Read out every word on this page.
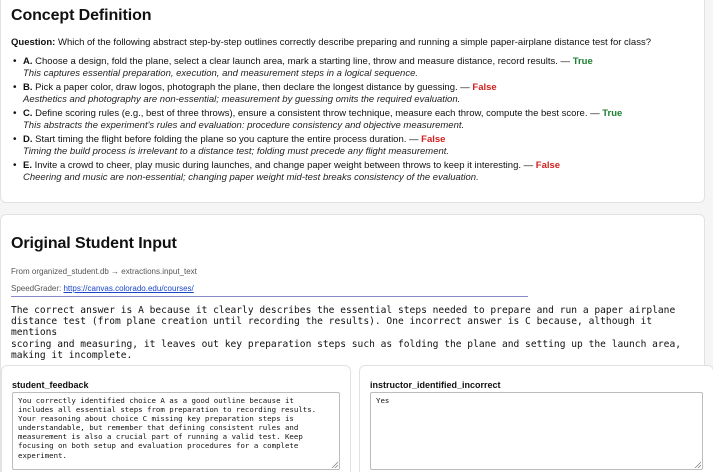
Concept Definition

Question: Which of the following abstract step-by-step outlines correctly describe preparing and running a simple paper-airplane distance test for class?

• A. Choose a design, fold the plane, select a clear launch area, mark a starting line, throw and measure distance, record results. — True
This captures essential preparation, execution, and measurement steps in a logical sequence.
• B. Pick a paper color, draw logos, photograph the plane, then declare the longest distance by guessing. — False
Aesthetics and photography are non-essential; measurement by guessing omits the required evaluation.
• C. Define scoring rules (e.g., best of three throws), ensure a consistent throw technique, measure each throw, compute the best score. — True
This abstracts the experiment's rules and evaluation: procedure consistency and objective measurement.
• D. Start timing the flight before folding the plane so you capture the entire process duration. — False
Timing the build process is irrelevant to a distance test; folding must precede any flight measurement.
• E. Invite a crowd to cheer, play music during launches, and change paper weight between throws to keep it interesting. — False
Cheering and music are non-essential; changing paper weight mid-test breaks consistency of the evaluation.
Original Student Input
From organized_student.db → extractions.input_text
SpeedGrader: https://canvas.colorado.edu/courses/
The correct answer is A because it clearly describes the essential steps needed to prepare and run a paper airplane
distance test (from plane creation until recording the results). One incorrect answer is C because, although it mentions
scoring and measuring, it leaves out key preparation steps such as folding the plane and setting up the launch area,
making it incomplete.
student_feedback
You correctly identified choice A as a good outline because it
includes all essential steps from preparation to recording results.
Your reasoning about choice C missing key preparation steps is
understandable, but remember that defining consistent rules and
measurement is also a crucial part of running a valid test. Keep
focusing on both setup and evaluation procedures for a complete
experiment.

instructor_identified_incorrect
Yes
